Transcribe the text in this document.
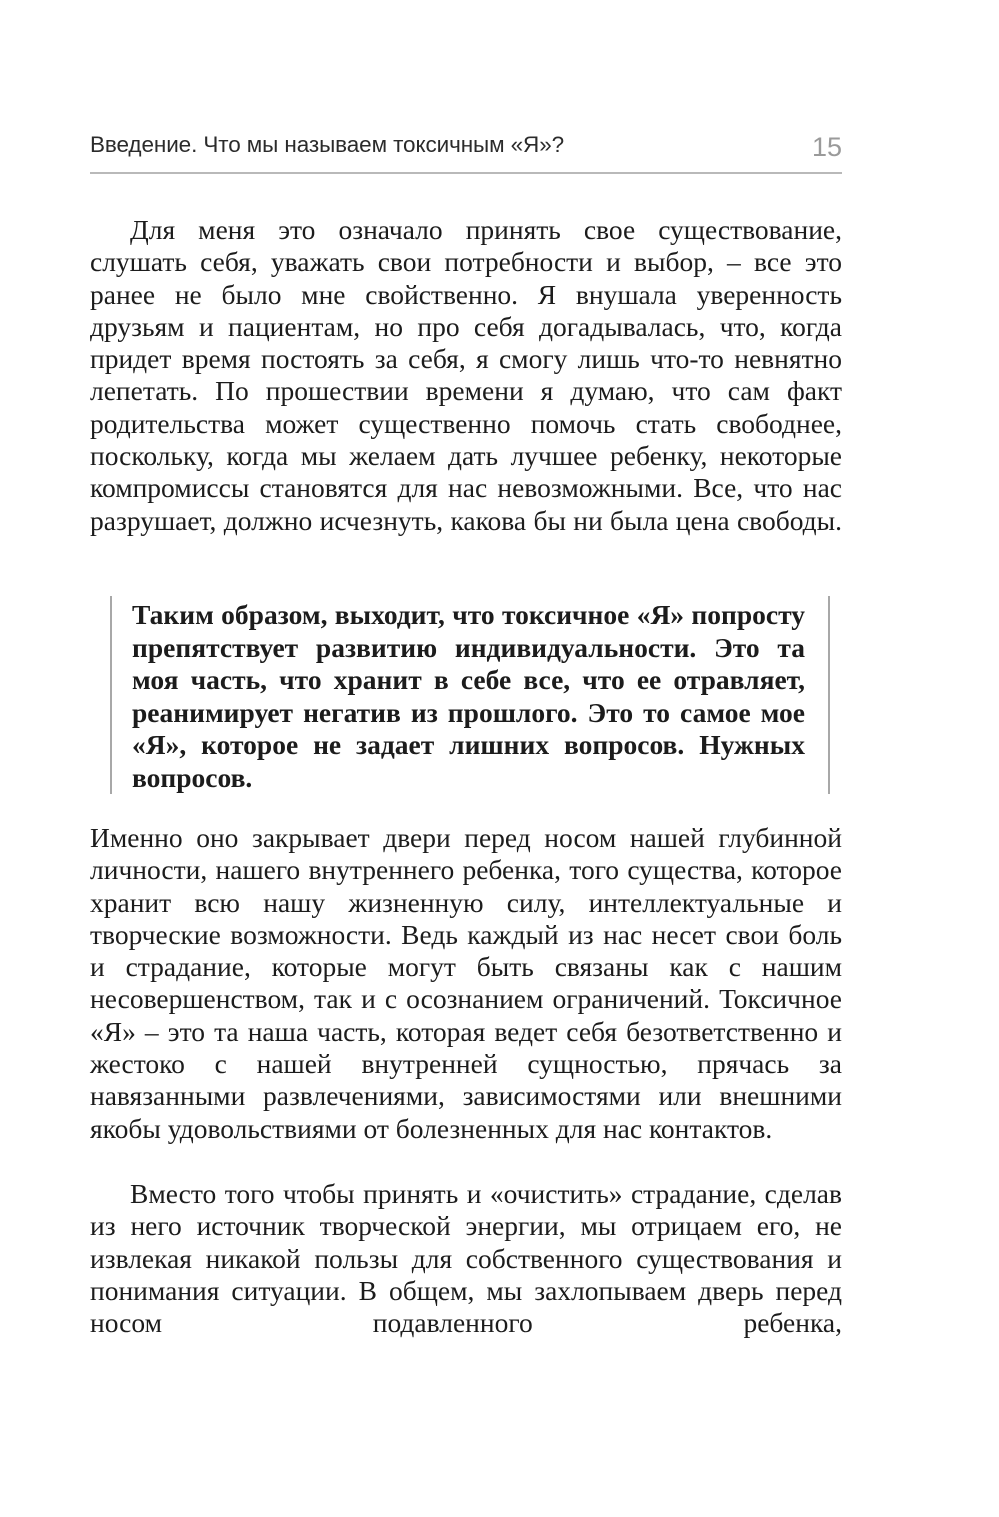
Введение. Что мы называем токсичным «Я»?	15

Для меня это означало принять свое существование, слушать себя, уважать свои потребности и выбор, – все это ранее не было мне свойственно. Я внушала уверенность друзьям и пациентам, но про себя догадывалась, что, когда придет время постоять за себя, я смогу лишь что-то невнятно лепетать. По прошествии времени я думаю, что сам факт родительства может существенно помочь стать свободнее, поскольку, когда мы желаем дать лучшее ребенку, некоторые компромиссы становятся для нас невозможными. Все, что нас разрушает, должно исчезнуть, какова бы ни была цена свободы.

Таким образом, выходит, что токсичное «Я» попросту препятствует развитию индивидуальности. Это та моя часть, что хранит в себе все, что ее отравляет, реанимирует негатив из прошлого. Это то самое мое «Я», которое не задает лишних вопросов. Нужных вопросов.

Именно оно закрывает двери перед носом нашей глубинной личности, нашего внутреннего ребенка, того существа, которое хранит всю нашу жизненную силу, интеллектуальные и творческие возможности. Ведь каждый из нас несет свои боль и страдание, которые могут быть связаны как с нашим несовершенством, так и с осознанием ограничений. Токсичное «Я» – это та наша часть, которая ведет себя безответственно и жестоко с нашей внутренней сущностью, прячась за навязанными развлечениями, зависимостями или внешними якобы удовольствиями от болезненных для нас контактов.

Вместо того чтобы принять и «очистить» страдание, сделав из него источник творческой энергии, мы отрицаем его, не извлекая никакой пользы для собственного существования и понимания ситуации. В общем, мы захлопываем дверь перед носом подавленного ребенка,
